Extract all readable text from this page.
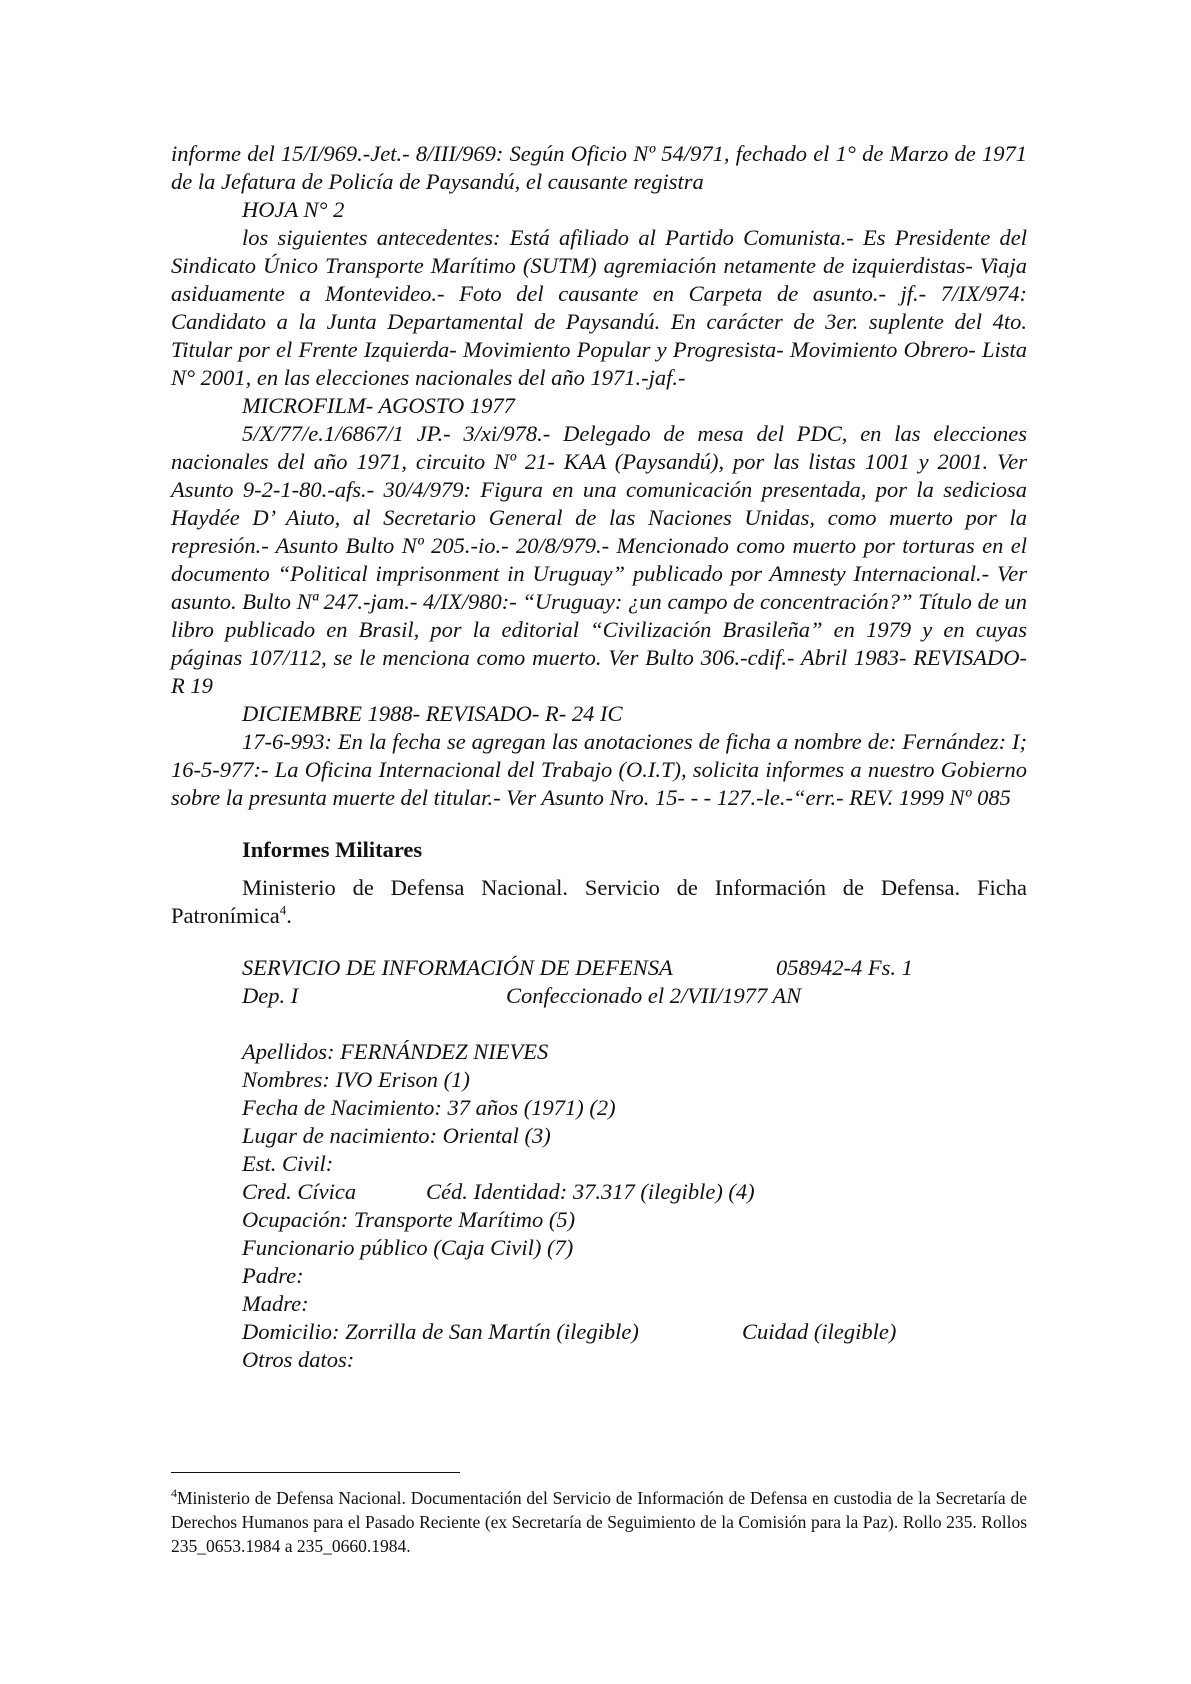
informe del 15/I/969.-Jet.- 8/III/969: Según Oficio Nº 54/971, fechado el 1° de Marzo de 1971 de la Jefatura de Policía de Paysandú, el causante registra

HOJA N° 2

los siguientes antecedentes: Está afiliado al Partido Comunista.- Es Presidente del Sindicato Único Transporte Marítimo (SUTM) agremiación netamente de izquierdistas- Viaja asiduamente a Montevideo.- Foto del causante en Carpeta de asunto.- jf.- 7/IX/974: Candidato a la Junta Departamental de Paysandú. En carácter de 3er. suplente del 4to. Titular por el Frente Izquierda- Movimiento Popular y Progresista- Movimiento Obrero- Lista N° 2001, en las elecciones nacionales del año 1971.-jaf.-

MICROFILM- AGOSTO 1977

5/X/77/e.1/6867/1 JP.- 3/xi/978.- Delegado de mesa del PDC, en las elecciones nacionales del año 1971, circuito Nº 21- KAA (Paysandú), por las listas 1001 y 2001. Ver Asunto 9-2-1-80.-afs.- 30/4/979: Figura en una comunicación presentada, por la sediciosa Haydée D’ Aiuto, al Secretario General de las Naciones Unidas, como muerto por la represión.- Asunto Bulto Nº 205.-io.- 20/8/979.- Mencionado como muerto por torturas en el documento “Political imprisonment in Uruguay” publicado por Amnesty Internacional.- Ver asunto. Bulto Nª 247.-jam.- 4/IX/980:- “Uruguay: ¿un campo de concentración?” Título de un libro publicado en Brasil, por la editorial “Civilización Brasileña” en 1979 y en cuyas páginas 107/112, se le menciona como muerto. Ver Bulto 306.-cdif.- Abril 1983- REVISADO- R 19

DICIEMBRE 1988- REVISADO- R- 24 IC

17-6-993: En la fecha se agregan las anotaciones de ficha a nombre de: Fernández: I; 16-5-977:- La Oficina Internacional del Trabajo (O.I.T), solicita informes a nuestro Gobierno sobre la presunta muerte del titular.- Ver Asunto Nro. 15- - - 127.-le.-“err.- REV. 1999 Nº 085

Informes Militares

Ministerio de Defensa Nacional. Servicio de Información de Defensa. Ficha Patronímica$^4$.

SERVICIO DE INFORMACIÓN DE DEFENSA	058942-4 Fs. 1
Dep. I	Confeccionado el 2/VII/1977 AN
Apellidos: FERNÁNDEZ NIEVES
Nombres: IVO Erison (1)
Fecha de Nacimiento: 37 años (1971) (2)
Lugar de nacimiento: Oriental (3)
Est. Civil:
Cred. Cívica	Céd. Identidad: 37.317 (ilegible) (4)
Ocupación: Transporte Marítimo (5)
Funcionario público (Caja Civil) (7)
Padre:
Madre:
Domicilio: Zorrilla de San Martín (ilegible)	Cuidad (ilegible)
Otros datos:
$^4$Ministerio de Defensa Nacional. Documentación del Servicio de Información de Defensa en custodia de la Secretaría de Derechos Humanos para el Pasado Reciente (ex Secretaría de Seguimiento de la Comisión para la Paz). Rollo 235. Rollos 235_0653.1984 a 235_0660.1984.
